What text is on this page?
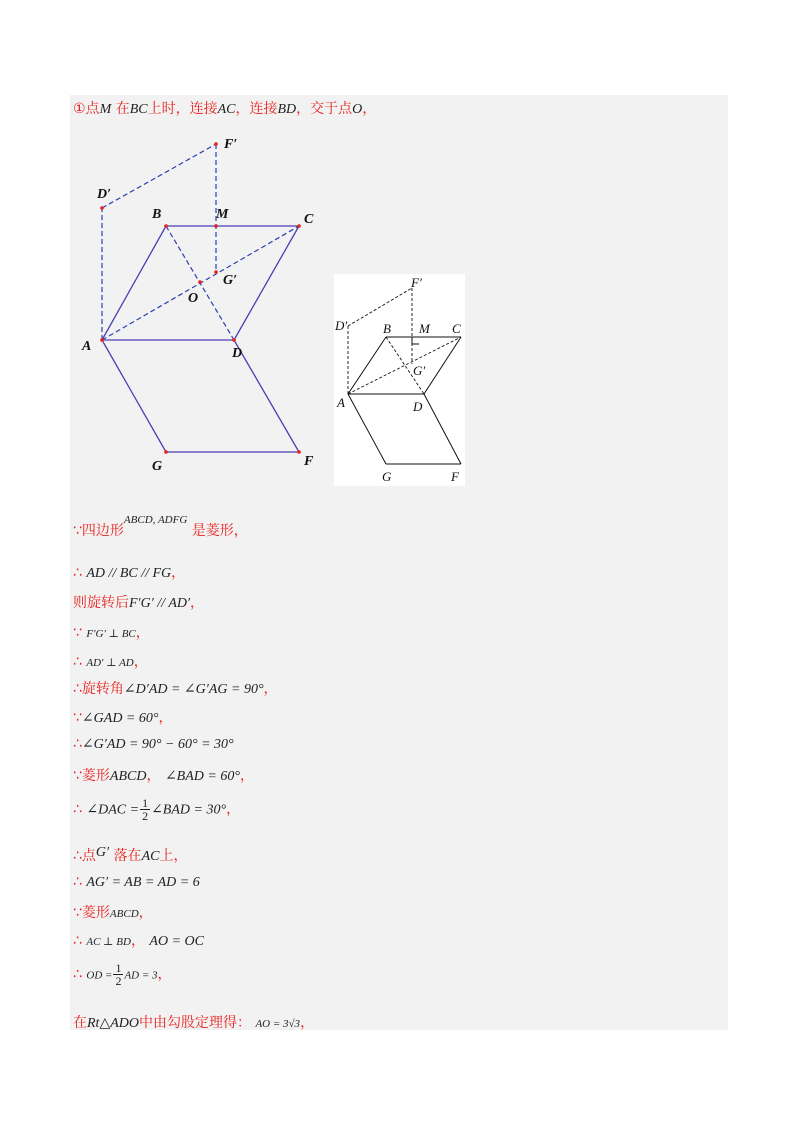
①点M 在BC上时，连接AC，连接BD，交于点O，
A
B	C
D
G	F
D′
F′
M
G′
O
A
B	C
D
G	F
D′
F′
M
G′
∵四边形$^{ABCD, ADFG}$ 是菱形，
∴ AD // BC // FG，
则旋转后F′G′ // AD′，
∵ F′G′ ⊥ BC，
∴ AD′ ⊥ AD，
∴旋转角∠D′AD = ∠G′AG = 90°，
∵∠GAD = 60°，
∴∠G′AD = 90° − 60° = 30°
∵菱形ABCD， ∠BAD = 60°，
∴ ∠DAC = $\frac{1}{2}$ ∠BAD = 30°，
∴点G′ 落在AC上，
∴ AG′ = AB = AD = 6
∵菱形ABCD，
∴ AC ⊥ BD， AO = OC
∴ OD = $\frac{1}{2}$ AD = 3，
在Rt△ADO中由勾股定理得： AO = 3√3，
